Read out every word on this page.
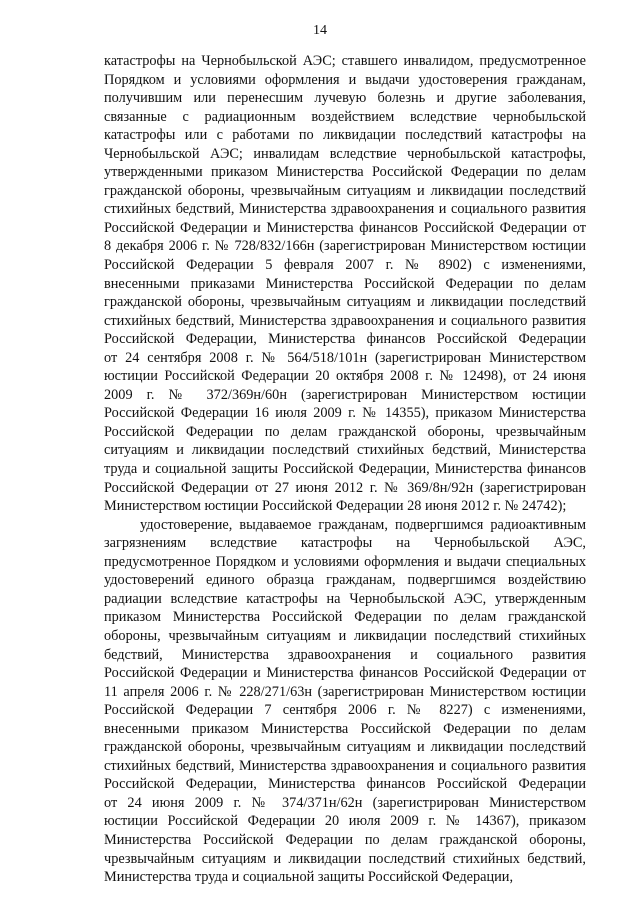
14

катастрофы на Чернобыльской АЭС; ставшего инвалидом, предусмотренное
Порядком и условиями оформления и выдачи удостоверения гражданам,
получившим или перенесшим лучевую болезнь и другие заболевания,
связанные с радиационным воздействием вследствие чернобыльской
катастрофы или с работами по ликвидации последствий катастрофы на
Чернобыльской АЭС; инвалидам вследствие чернобыльской катастрофы,
утвержденными приказом Министерства Российской Федерации по делам
гражданской обороны, чрезвычайным ситуациям и ликвидации последствий
стихийных бедствий, Министерства здравоохранения и социального развития
Российской Федерации и Министерства финансов Российской Федерации от
8 декабря 2006 г. № 728/832/166н (зарегистрирован Министерством юстиции
Российской Федерации 5 февраля 2007 г. № 8902) с изменениями,
внесенными приказами Министерства Российской Федерации по делам
гражданской обороны, чрезвычайным ситуациям и ликвидации последствий
стихийных бедствий, Министерства здравоохранения и социального развития
Российской Федерации, Министерства финансов Российской Федерации
от 24 сентября 2008 г. № 564/518/101н (зарегистрирован Министерством
юстиции Российской Федерации 20 октября 2008 г. № 12498), от 24 июня
2009 г. № 372/369н/60н (зарегистрирован Министерством юстиции
Российской Федерации 16 июля 2009 г. № 14355), приказом Министерства
Российской Федерации по делам гражданской обороны, чрезвычайным
ситуациям и ликвидации последствий стихийных бедствий, Министерства
труда и социальной защиты Российской Федерации, Министерства финансов
Российской Федерации от 27 июня 2012 г. № 369/8н/92н (зарегистрирован
Министерством юстиции Российской Федерации 28 июня 2012 г. № 24742);

удостоверение, выдаваемое гражданам, подвергшимся радиоактивным
загрязнениям вследствие катастрофы на Чернобыльской АЭС,
предусмотренное Порядком и условиями оформления и выдачи специальных
удостоверений единого образца гражданам, подвергшимся воздействию
радиации вследствие катастрофы на Чернобыльской АЭС, утвержденным
приказом Министерства Российской Федерации по делам гражданской
обороны, чрезвычайным ситуациям и ликвидации последствий стихийных
бедствий, Министерства здравоохранения и социального развития
Российской Федерации и Министерства финансов Российской Федерации от
11 апреля 2006 г. № 228/271/63н (зарегистрирован Министерством юстиции
Российской Федерации 7 сентября 2006 г. № 8227) с изменениями,
внесенными приказом Министерства Российской Федерации по делам
гражданской обороны, чрезвычайным ситуациям и ликвидации последствий
стихийных бедствий, Министерства здравоохранения и социального развития
Российской Федерации, Министерства финансов Российской Федерации
от 24 июня 2009 г. № 374/371н/62н (зарегистрирован Министерством
юстиции Российской Федерации 20 июля 2009 г. № 14367), приказом
Министерства Российской Федерации по делам гражданской обороны,
чрезвычайным ситуациям и ликвидации последствий стихийных бедствий,
Министерства труда и социальной защиты Российской Федерации,
